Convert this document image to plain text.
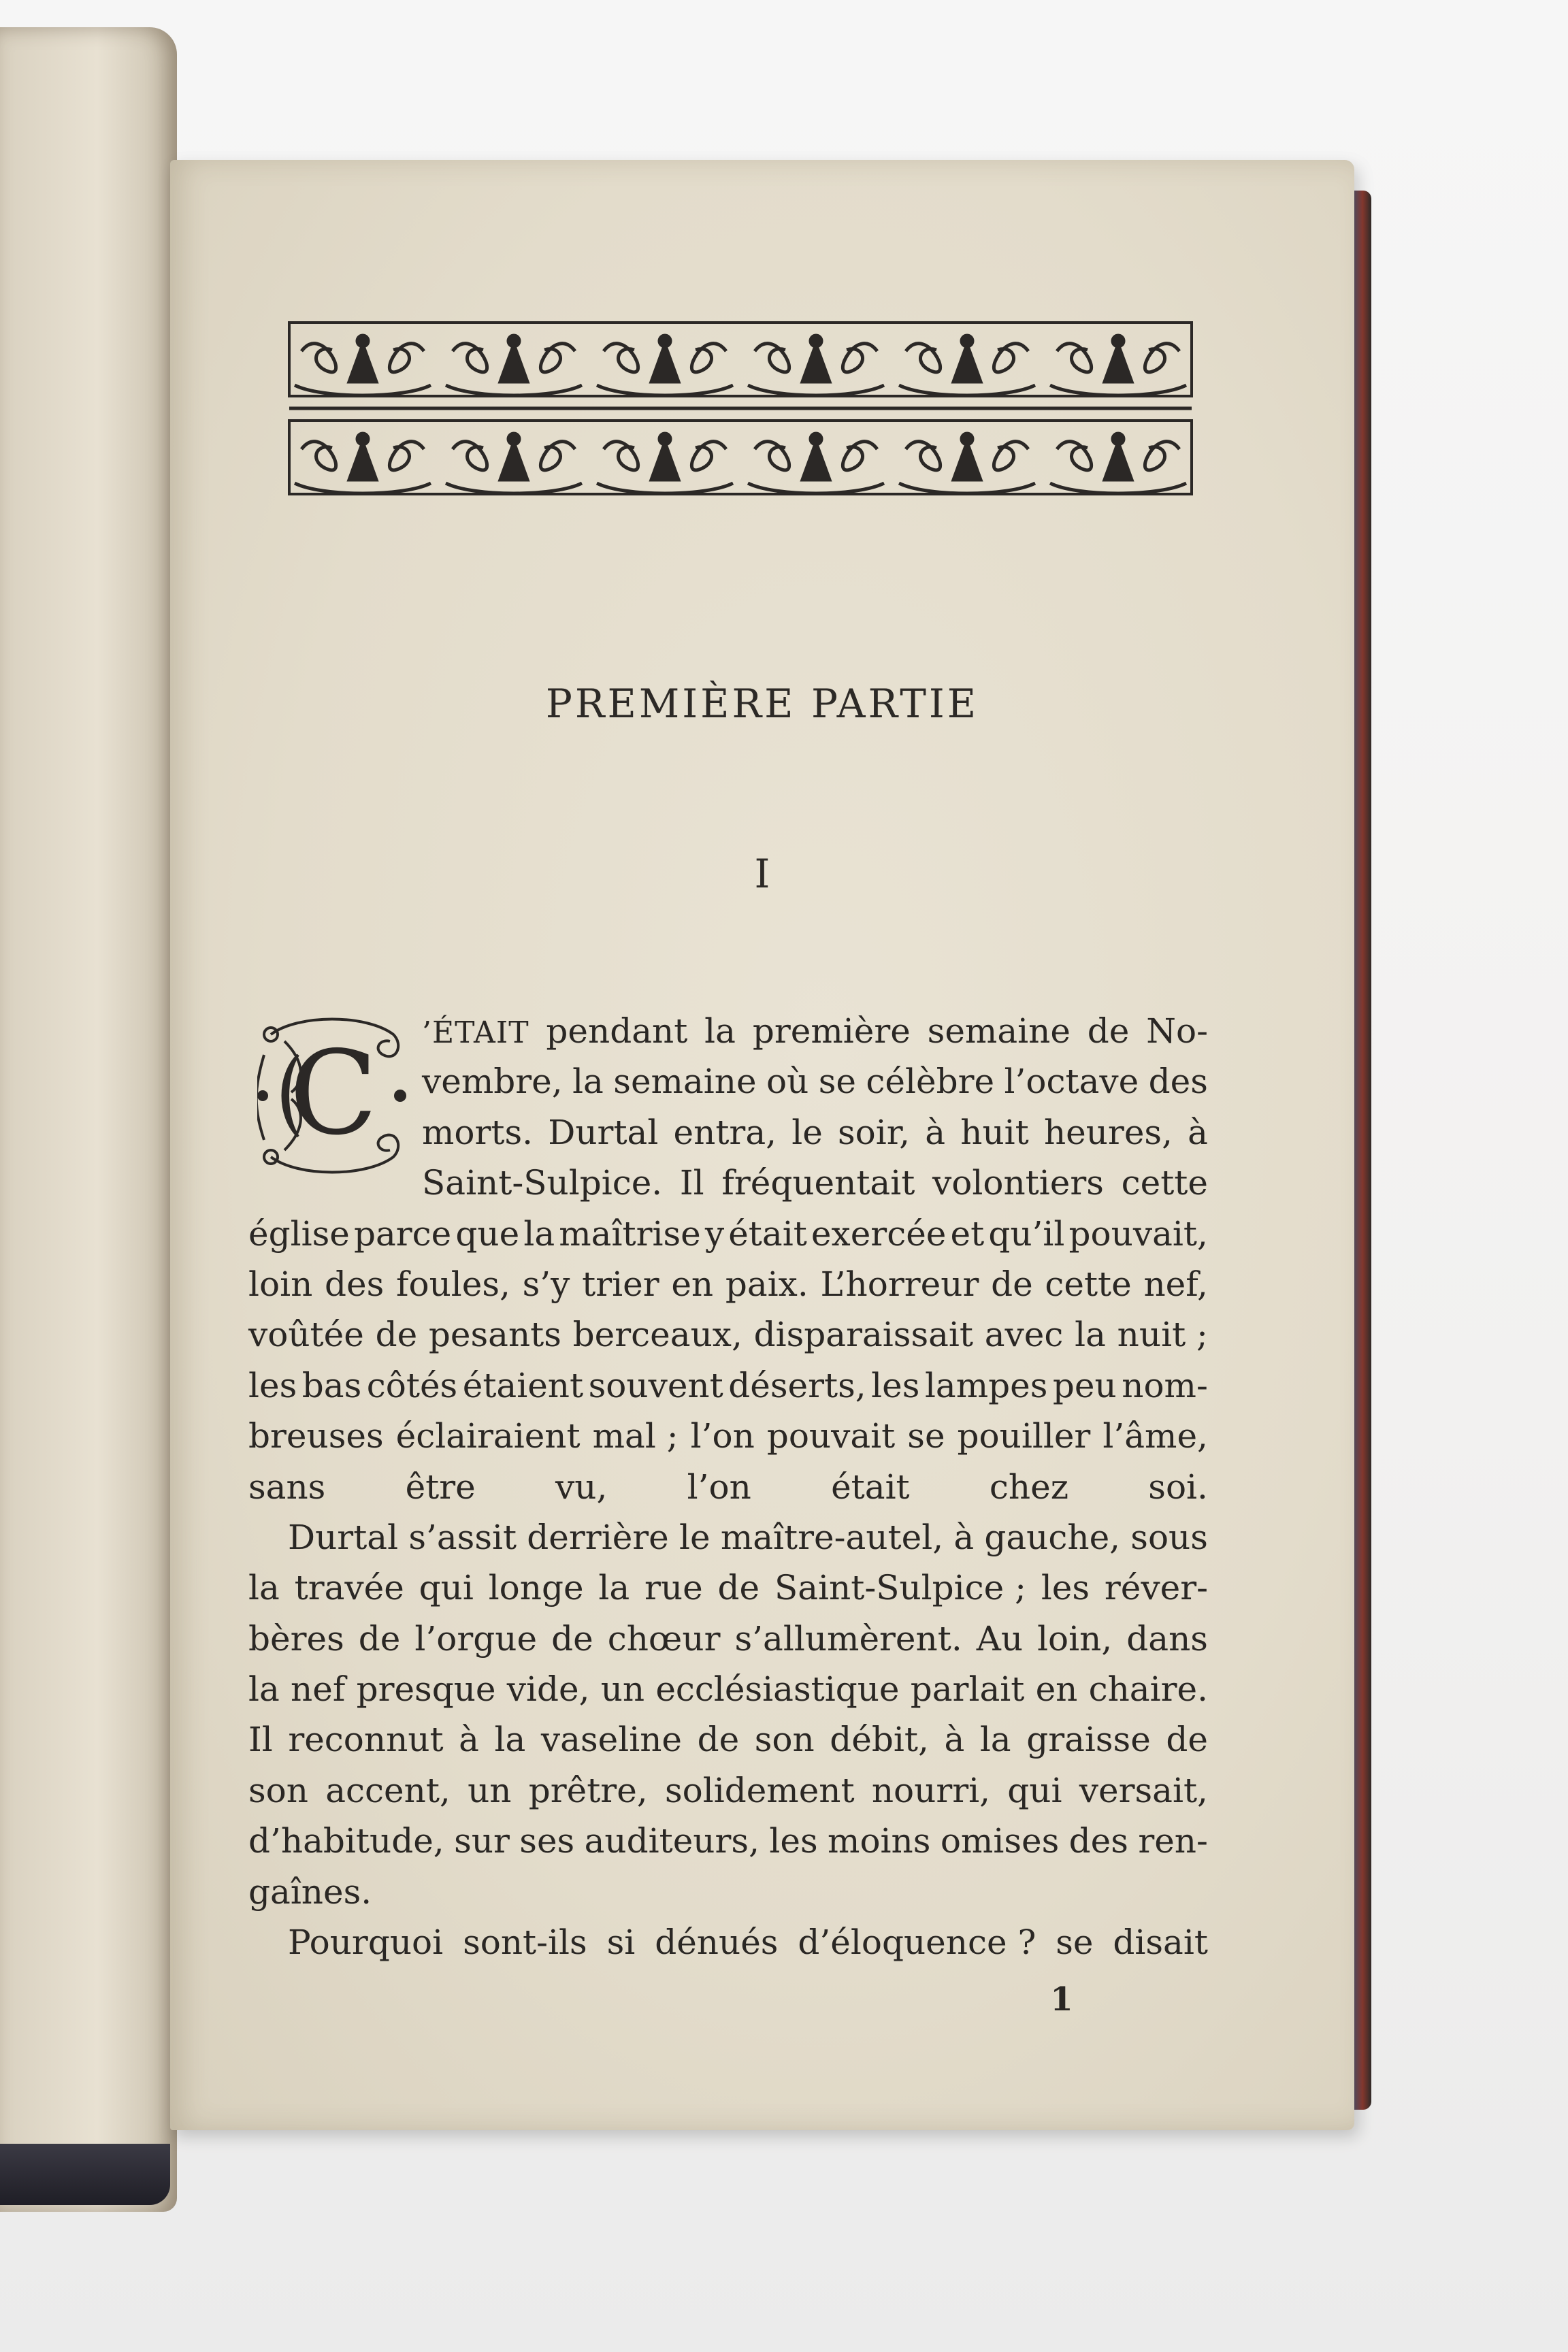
PREMIÈRE PARTIE
I
C ’ÉTAIT pendant la première semaine de No-
vembre, la semaine où se célèbre l’octave des
morts. Durtal entra, le soir, à huit heures, à
Saint-Sulpice. Il fréquentait volontiers cette
église parce que la maîtrise y était exercée et qu’il pouvait,
loin des foules, s’y trier en paix. L’horreur de cette nef,
voûtée de pesants berceaux, disparaissait avec la nuit ;
les bas côtés étaient souvent déserts, les lampes peu nom-
breuses éclairaient mal ; l’on pouvait se pouiller l’âme,
sans être vu, l’on était chez soi.
Durtal s’assit derrière le maître-autel, à gauche, sous
la travée qui longe la rue de Saint-Sulpice ; les réver-
bères de l’orgue de chœur s’allumèrent. Au loin, dans
la nef presque vide, un ecclésiastique parlait en chaire.
Il reconnut à la vaseline de son débit, à la graisse de
son accent, un prêtre, solidement nourri, qui versait,
d’habitude, sur ses auditeurs, les moins omises des ren-
gaînes.
Pourquoi sont-ils si dénués d’éloquence ? se disait
1
